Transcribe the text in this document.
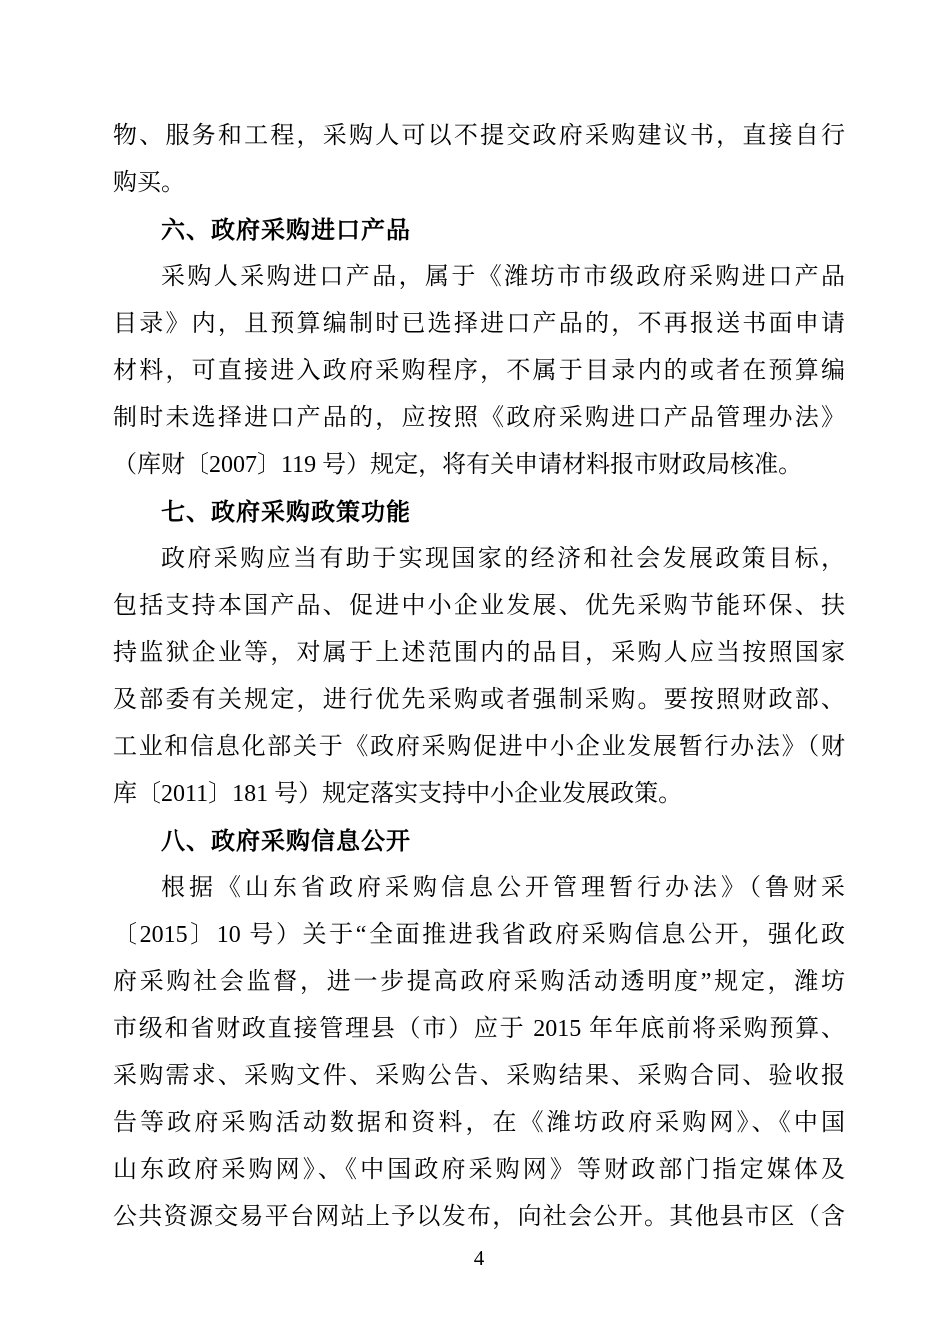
物、服务和工程，采购人可以不提交政府采购建议书，直接自行
购买。
六、政府采购进口产品
采购人采购进口产品，属于《潍坊市市级政府采购进口产品
目录》内，且预算编制时已选择进口产品的，不再报送书面申请
材料，可直接进入政府采购程序，不属于目录内的或者在预算编
制时未选择进口产品的，应按照《政府采购进口产品管理办法》
（库财〔2007〕119 号）规定，将有关申请材料报市财政局核准。
七、政府采购政策功能
政府采购应当有助于实现国家的经济和社会发展政策目标，
包括支持本国产品、促进中小企业发展、优先采购节能环保、扶
持监狱企业等，对属于上述范围内的品目，采购人应当按照国家
及部委有关规定，进行优先采购或者强制采购。要按照财政部、
工业和信息化部关于《政府采购促进中小企业发展暂行办法》（财
库〔2011〕181 号）规定落实支持中小企业发展政策。
八、政府采购信息公开
根据《山东省政府采购信息公开管理暂行办法》（鲁财采
〔2015〕10 号）关于“全面推进我省政府采购信息公开，强化政
府采购社会监督，进一步提高政府采购活动透明度”规定，潍坊
市级和省财政直接管理县（市）应于 2015 年年底前将采购预算、
采购需求、采购文件、采购公告、采购结果、采购合同、验收报
告等政府采购活动数据和资料，在《潍坊政府采购网》、《中国
山东政府采购网》、《中国政府采购网》等财政部门指定媒体及
公共资源交易平台网站上予以发布，向社会公开。其他县市区（含
4
